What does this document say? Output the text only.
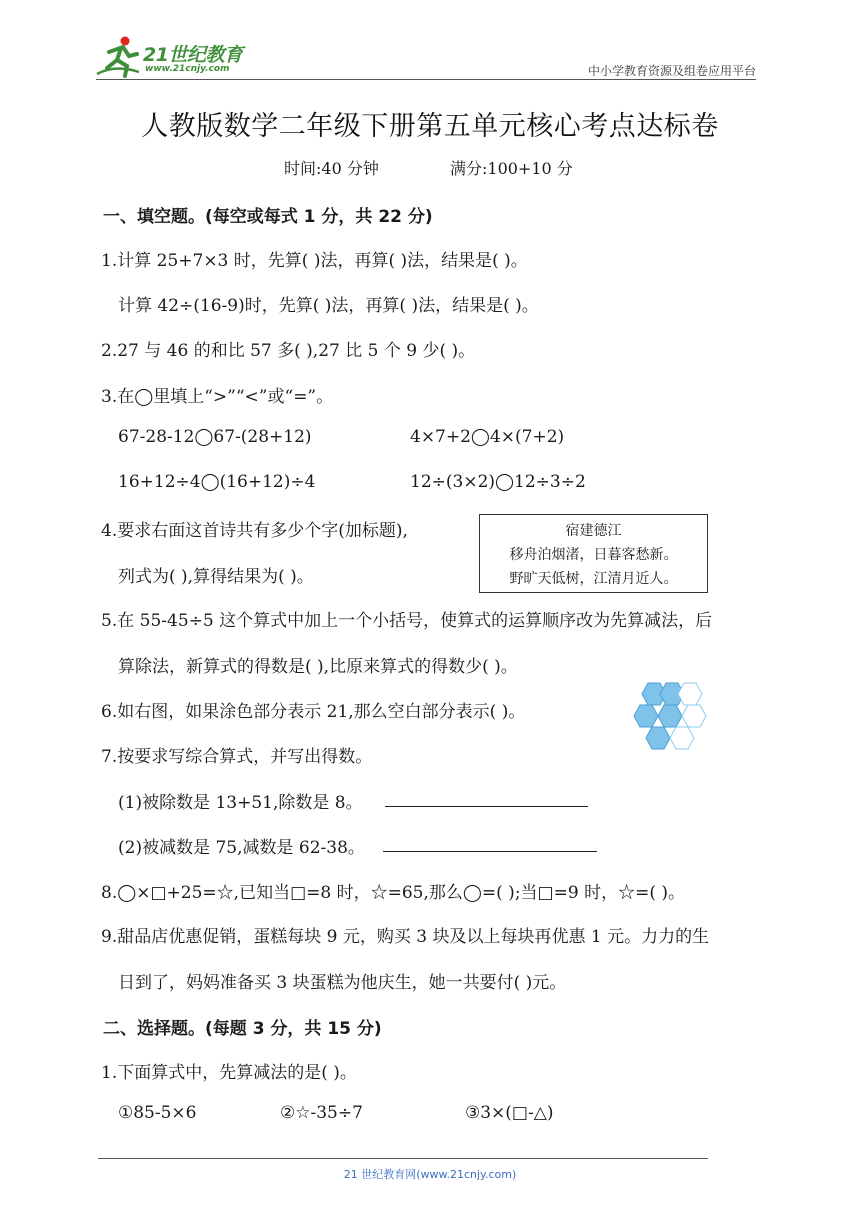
21世纪教育
www.21cnjy.com	中小学教育资源及组卷应用平台
人教版数学二年级下册第五单元核心考点达标卷
时间:40 分钟	满分:100+10 分
一、填空题。(每空或每式 1 分，共 22 分)
1.计算 25+7×3 时，先算( )法，再算( )法，结果是( )。
计算 42÷(16-9)时，先算( )法，再算( )法，结果是( )。
2.27 与 46 的和比 57 多( ),27 比 5 个 9 少( )。
3.在◯里填上“>”“<”或“=”。
67-28-12◯67-(28+12)	4×7+2◯4×(7+2)
16+12÷4◯(16+12)÷4	12÷(3×2)◯12÷3÷2
4.要求右面这首诗共有多少个字(加标题),
列式为( ),算得结果为( )。
宿建德江
移舟泊烟渚，日暮客愁新。
野旷天低树，江清月近人。
5.在 55-45÷5 这个算式中加上一个小括号，使算式的运算顺序改为先算减法，后
算除法，新算式的得数是( ),比原来算式的得数少( )。
6.如右图，如果涂色部分表示 21,那么空白部分表示( )。
7.按要求写综合算式，并写出得数。
(1)被除数是 13+51,除数是 8。
(2)被减数是 75,减数是 62-38。
8.◯×□+25=☆,已知当□=8 时，☆=65,那么◯=( );当□=9 时，☆=( )。
9.甜品店优惠促销，蛋糕每块 9 元，购买 3 块及以上每块再优惠 1 元。力力的生
日到了，妈妈准备买 3 块蛋糕为他庆生，她一共要付( )元。
二、选择题。(每题 3 分，共 15 分)
1.下面算式中，先算减法的是( )。
①85-5×6	②☆-35÷7	③3×(□-△)
21 世纪教育网(www.21cnjy.com)
